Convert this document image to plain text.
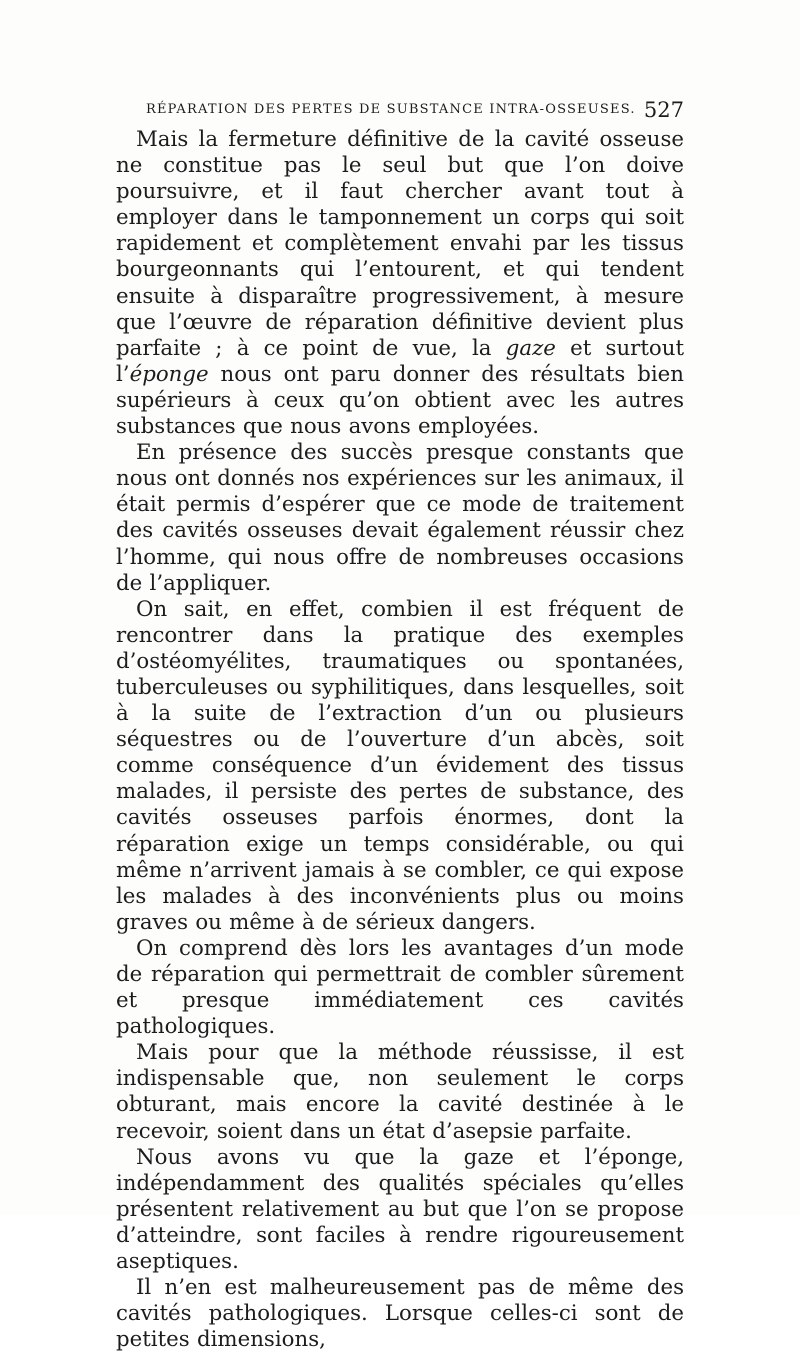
RÉPARATION DES PERTES DE SUBSTANCE INTRA-OSSEUSES. 527

Mais la fermeture définitive de la cavité osseuse ne constitue pas le seul but que l’on doive poursuivre, et il faut chercher avant tout à employer dans le tamponnement un corps qui soit rapidement et complètement envahi par les tissus bourgeonnants qui l’entourent, et qui tendent ensuite à disparaître progressivement, à mesure que l’œuvre de réparation définitive devient plus parfaite ; à ce point de vue, la gaze et surtout l’éponge nous ont paru donner des résultats bien supérieurs à ceux qu’on obtient avec les autres substances que nous avons employées.

En présence des succès presque constants que nous ont donnés nos expériences sur les animaux, il était permis d’espérer que ce mode de traitement des cavités osseuses devait également réussir chez l’homme, qui nous offre de nombreuses occasions de l’appliquer.

On sait, en effet, combien il est fréquent de rencontrer dans la pratique des exemples d’ostéomyélites, traumatiques ou spontanées, tuberculeuses ou syphilitiques, dans lesquelles, soit à la suite de l’extraction d’un ou plusieurs séquestres ou de l’ouverture d’un abcès, soit comme conséquence d’un évidement des tissus malades, il persiste des pertes de substance, des cavités osseuses parfois énormes, dont la réparation exige un temps considérable, ou qui même n’arrivent jamais à se combler, ce qui expose les malades à des inconvénients plus ou moins graves ou même à de sérieux dangers.

On comprend dès lors les avantages d’un mode de réparation qui permettrait de combler sûrement et presque immédiatement ces cavités pathologiques.

Mais pour que la méthode réussisse, il est indispensable que, non seulement le corps obturant, mais encore la cavité destinée à le recevoir, soient dans un état d’asepsie parfaite.

Nous avons vu que la gaze et l’éponge, indépendamment des qualités spéciales qu’elles présentent relativement au but que l’on se propose d’atteindre, sont faciles à rendre rigoureusement aseptiques.

Il n’en est malheureusement pas de même des cavités pathologiques. Lorsque celles-ci sont de petites dimensions,
